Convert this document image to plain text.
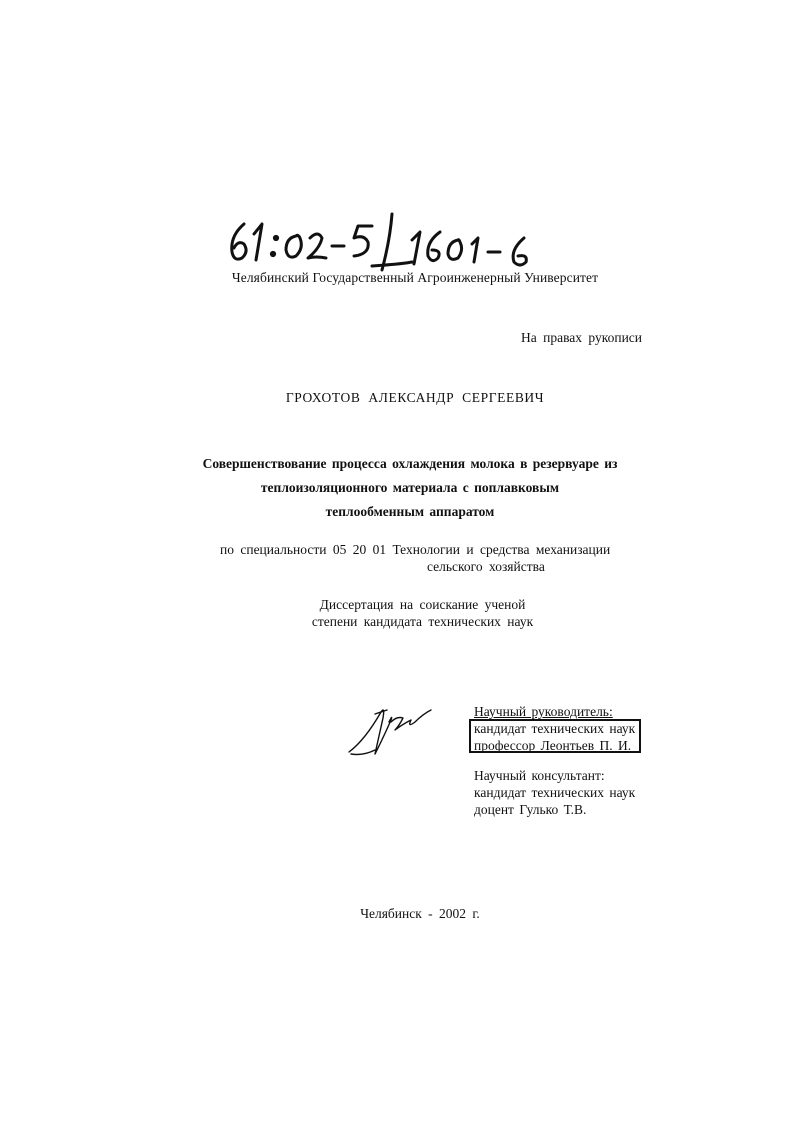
Челябинский Государственный Агроинженерный Университет
На правах рукописи
ГРОХОТОВ АЛЕКСАНДР СЕРГЕЕВИЧ
Совершенствование процесса охлаждения молока в резервуаре из
теплоизоляционного материала с поплавковым
теплообменным аппаратом
по специальности 05 20 01 Технологии и средства механизации
сельского хозяйства
Диссертация на соискание ученой
степени кандидата технических наук
Научный руководитель:
кандидат технических наук
профессор Леонтьев П. И.
Научный консультант:
кандидат технических наук
доцент Гулько Т.В.
Челябинск - 2002 г.
